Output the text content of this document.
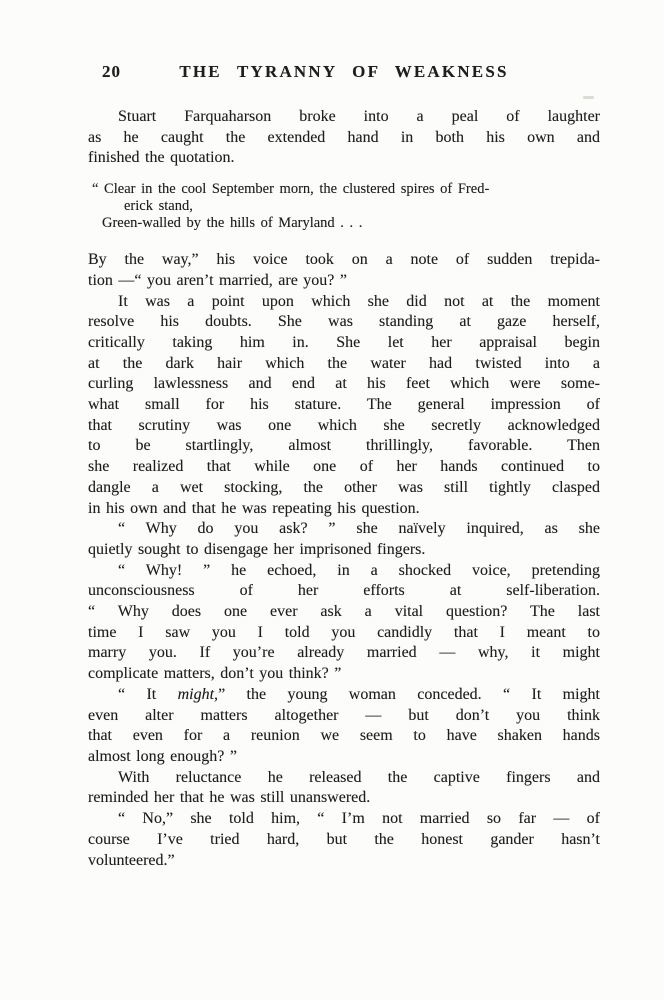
20	THE TYRANNY OF WEAKNESS
Stuart Farquaharson broke into a peal of laughter
as he caught the extended hand in both his own and
finished the quotation.
“ Clear in the cool September morn, the clustered spires of Fred-
erick stand,
Green-walled by the hills of Maryland . . .
By the way,” his voice took on a note of sudden trepida-
tion —“ you aren’t married, are you? ”
It was a point upon which she did not at the moment
resolve his doubts. She was standing at gaze herself,
critically taking him in. She let her appraisal begin
at the dark hair which the water had twisted into a
curling lawlessness and end at his feet which were some-
what small for his stature. The general impression of
that scrutiny was one which she secretly acknowledged
to be startlingly, almost thrillingly, favorable. Then
she realized that while one of her hands continued to
dangle a wet stocking, the other was still tightly clasped
in his own and that he was repeating his question.
“ Why do you ask? ” she naïvely inquired, as she
quietly sought to disengage her imprisoned fingers.
“ Why! ” he echoed, in a shocked voice, pretending
unconsciousness of her efforts at self-liberation.
“ Why does one ever ask a vital question? The last
time I saw you I told you candidly that I meant to
marry you. If you’re already married — why, it might
complicate matters, don’t you think? ”
“ It might,” the young woman conceded. “ It might
even alter matters altogether — but don’t you think
that even for a reunion we seem to have shaken hands
almost long enough? ”
With reluctance he released the captive fingers and
reminded her that he was still unanswered.
“ No,” she told him, “ I’m not married so far — of
course I’ve tried hard, but the honest gander hasn’t
volunteered.”
